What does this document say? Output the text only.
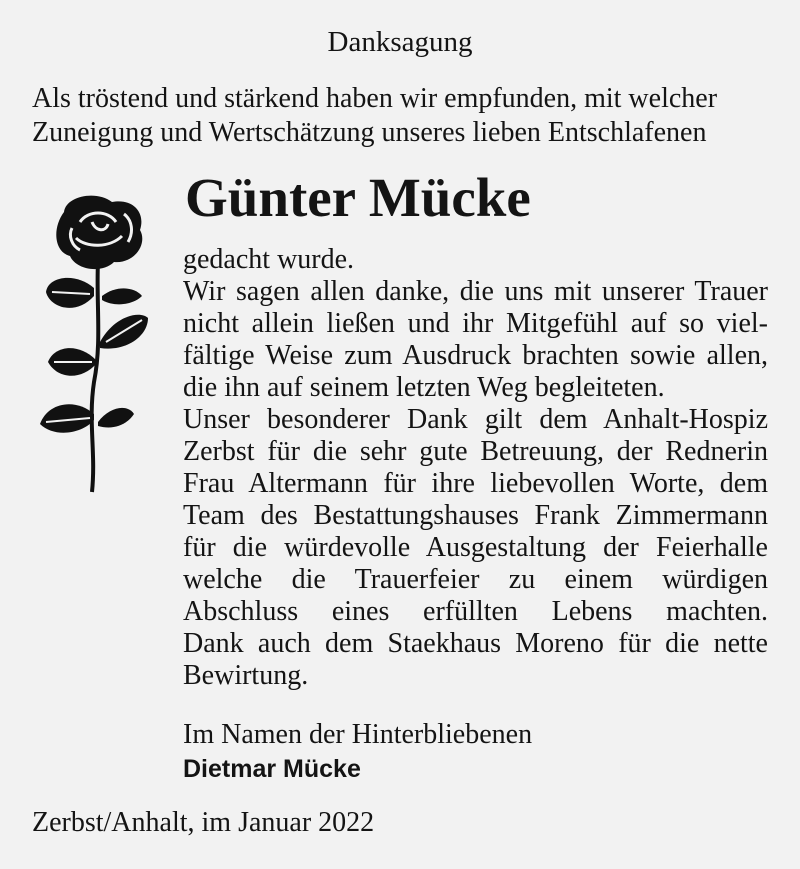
Danksagung
Als tröstend und stärkend haben wir empfunden, mit welcher Zuneigung und Wertschätzung unseres lieben Entschlafenen
Günter Mücke
gedacht wurde.
Wir sagen allen danke, die uns mit unserer Trauer
nicht allein ließen und ihr Mitgefühl auf so viel-
fältige Weise zum Ausdruck brachten sowie allen,
die ihn auf seinem letzten Weg begleiteten.
Unser besonderer Dank gilt dem Anhalt-Hospiz
Zerbst für die sehr gute Betreuung, der Rednerin
Frau Altermann für ihre liebevollen Worte, dem
Team des Bestattungshauses Frank Zimmermann
für die würdevolle Ausgestaltung der Feierhalle
welche die Trauerfeier zu einem würdigen
Abschluss eines erfüllten Lebens machten.
Dank auch dem Staekhaus Moreno für die nette
Bewirtung.
Im Namen der Hinterbliebenen
Dietmar Mücke
Zerbst/Anhalt, im Januar 2022
